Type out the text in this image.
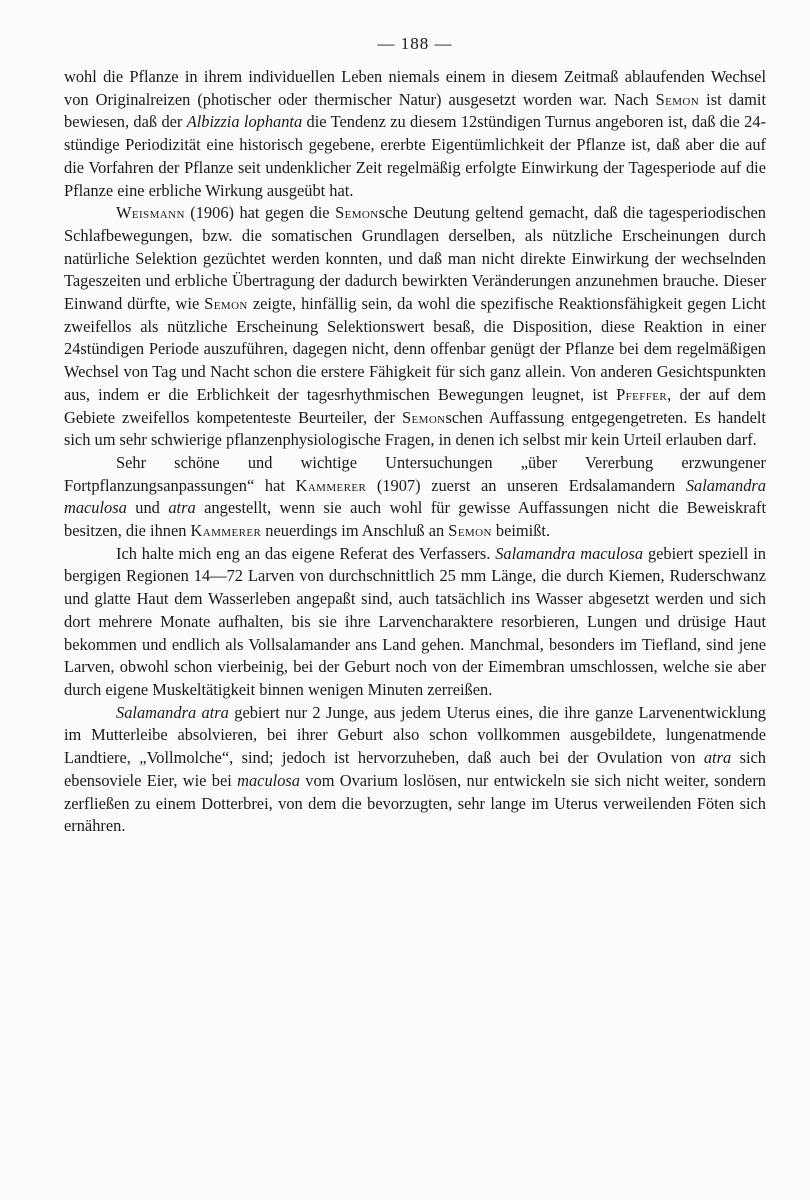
— 188 —

wohl die Pflanze in ihrem individuellen Leben niemals einem in diesem Zeitmaß ablaufenden Wechsel von Originalreizen (photischer oder thermischer Natur) ausgesetzt worden war. Nach Semon ist damit bewiesen, daß der Albizzia lophanta die Tendenz zu diesem 12stündigen Turnus angeboren ist, daß die 24-stündige Periodizität eine historisch gegebene, ererbte Eigentümlichkeit der Pflanze ist, daß aber die auf die Vorfahren der Pflanze seit undenklicher Zeit regelmäßig erfolgte Einwirkung der Tagesperiode auf die Pflanze eine erbliche Wirkung ausgeübt hat.

Weismann (1906) hat gegen die Semonsche Deutung geltend gemacht, daß die tagesperiodischen Schlafbewegungen, bzw. die somatischen Grundlagen derselben, als nützliche Erscheinungen durch natürliche Selektion gezüchtet werden konnten, und daß man nicht direkte Einwirkung der wechselnden Tageszeiten und erbliche Übertragung der dadurch bewirkten Veränderungen anzunehmen brauche. Dieser Einwand dürfte, wie Semon zeigte, hinfällig sein, da wohl die spezifische Reaktionsfähigkeit gegen Licht zweifellos als nützliche Erscheinung Selektionswert besaß, die Disposition, diese Reaktion in einer 24stündigen Periode auszuführen, dagegen nicht, denn offenbar genügt der Pflanze bei dem regelmäßigen Wechsel von Tag und Nacht schon die erstere Fähigkeit für sich ganz allein. Von anderen Gesichtspunkten aus, indem er die Erblichkeit der tagesrhythmischen Bewegungen leugnet, ist Pfeffer, der auf dem Gebiete zweifellos kompetenteste Beurteiler, der Semonschen Auffassung entgegengetreten. Es handelt sich um sehr schwierige pflanzenphysiologische Fragen, in denen ich selbst mir kein Urteil erlauben darf.

Sehr schöne und wichtige Untersuchungen „über Vererbung erzwungener Fortpflanzungsanpassungen“ hat Kammerer (1907) zuerst an unseren Erdsalamandern Salamandra maculosa und atra angestellt, wenn sie auch wohl für gewisse Auffassungen nicht die Beweiskraft besitzen, die ihnen Kammerer neuerdings im Anschluß an Semon beimißt.

Ich halte mich eng an das eigene Referat des Verfassers. Salamandra maculosa gebiert speziell in bergigen Regionen 14—72 Larven von durchschnittlich 25 mm Länge, die durch Kiemen, Ruderschwanz und glatte Haut dem Wasserleben angepaßt sind, auch tatsächlich ins Wasser abgesetzt werden und sich dort mehrere Monate aufhalten, bis sie ihre Larvencharaktere resorbieren, Lungen und drüsige Haut bekommen und endlich als Vollsalamander ans Land gehen. Manchmal, besonders im Tiefland, sind jene Larven, obwohl schon vierbeinig, bei der Geburt noch von der Eimembran umschlossen, welche sie aber durch eigene Muskeltätigkeit binnen wenigen Minuten zerreißen.

Salamandra atra gebiert nur 2 Junge, aus jedem Uterus eines, die ihre ganze Larvenentwicklung im Mutterleibe absolvieren, bei ihrer Geburt also schon vollkommen ausgebildete, lungenatmende Landtiere, „Vollmolche“, sind; jedoch ist hervorzuheben, daß auch bei der Ovulation von atra sich ebensoviele Eier, wie bei maculosa vom Ovarium loslösen, nur entwickeln sie sich nicht weiter, sondern zerfließen zu einem Dotterbrei, von dem die bevorzugten, sehr lange im Uterus verweilenden Föten sich ernähren.
